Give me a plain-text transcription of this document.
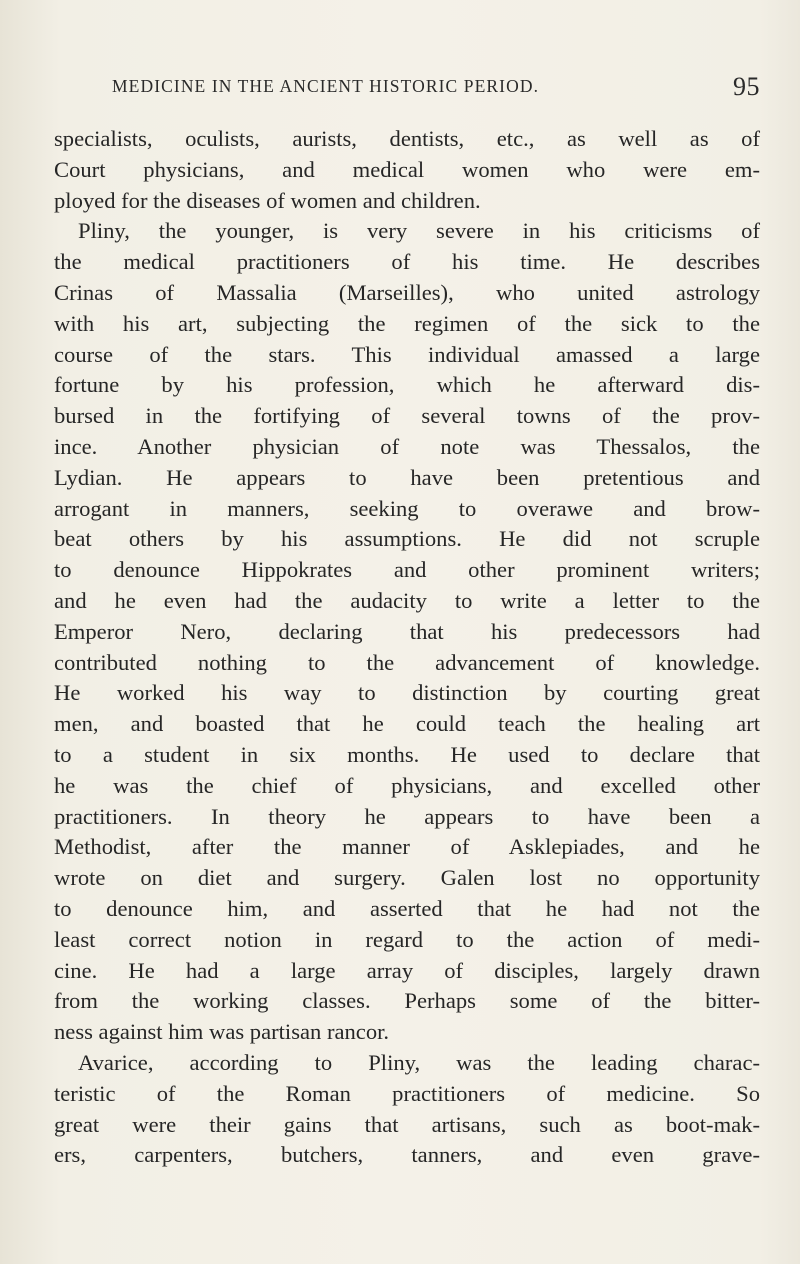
MEDICINE IN THE ANCIENT HISTORIC PERIOD.	95
specialists, oculists, aurists, dentists, etc., as well as of
Court physicians, and medical women who were em-
ployed for the diseases of women and children.
Pliny, the younger, is very severe in his criticisms of
the medical practitioners of his time. He describes
Crinas of Massalia (Marseilles), who united astrology
with his art, subjecting the regimen of the sick to the
course of the stars. This individual amassed a large
fortune by his profession, which he afterward dis-
bursed in the fortifying of several towns of the prov-
ince. Another physician of note was Thessalos, the
Lydian. He appears to have been pretentious and
arrogant in manners, seeking to overawe and brow-
beat others by his assumptions. He did not scruple
to denounce Hippokrates and other prominent writers;
and he even had the audacity to write a letter to the
Emperor Nero, declaring that his predecessors had
contributed nothing to the advancement of knowledge.
He worked his way to distinction by courting great
men, and boasted that he could teach the healing art
to a student in six months. He used to declare that
he was the chief of physicians, and excelled other
practitioners. In theory he appears to have been a
Methodist, after the manner of Asklepiades, and he
wrote on diet and surgery. Galen lost no opportunity
to denounce him, and asserted that he had not the
least correct notion in regard to the action of medi-
cine. He had a large array of disciples, largely drawn
from the working classes. Perhaps some of the bitter-
ness against him was partisan rancor.
Avarice, according to Pliny, was the leading charac-
teristic of the Roman practitioners of medicine. So
great were their gains that artisans, such as boot-mak-
ers, carpenters, butchers, tanners, and even grave-
